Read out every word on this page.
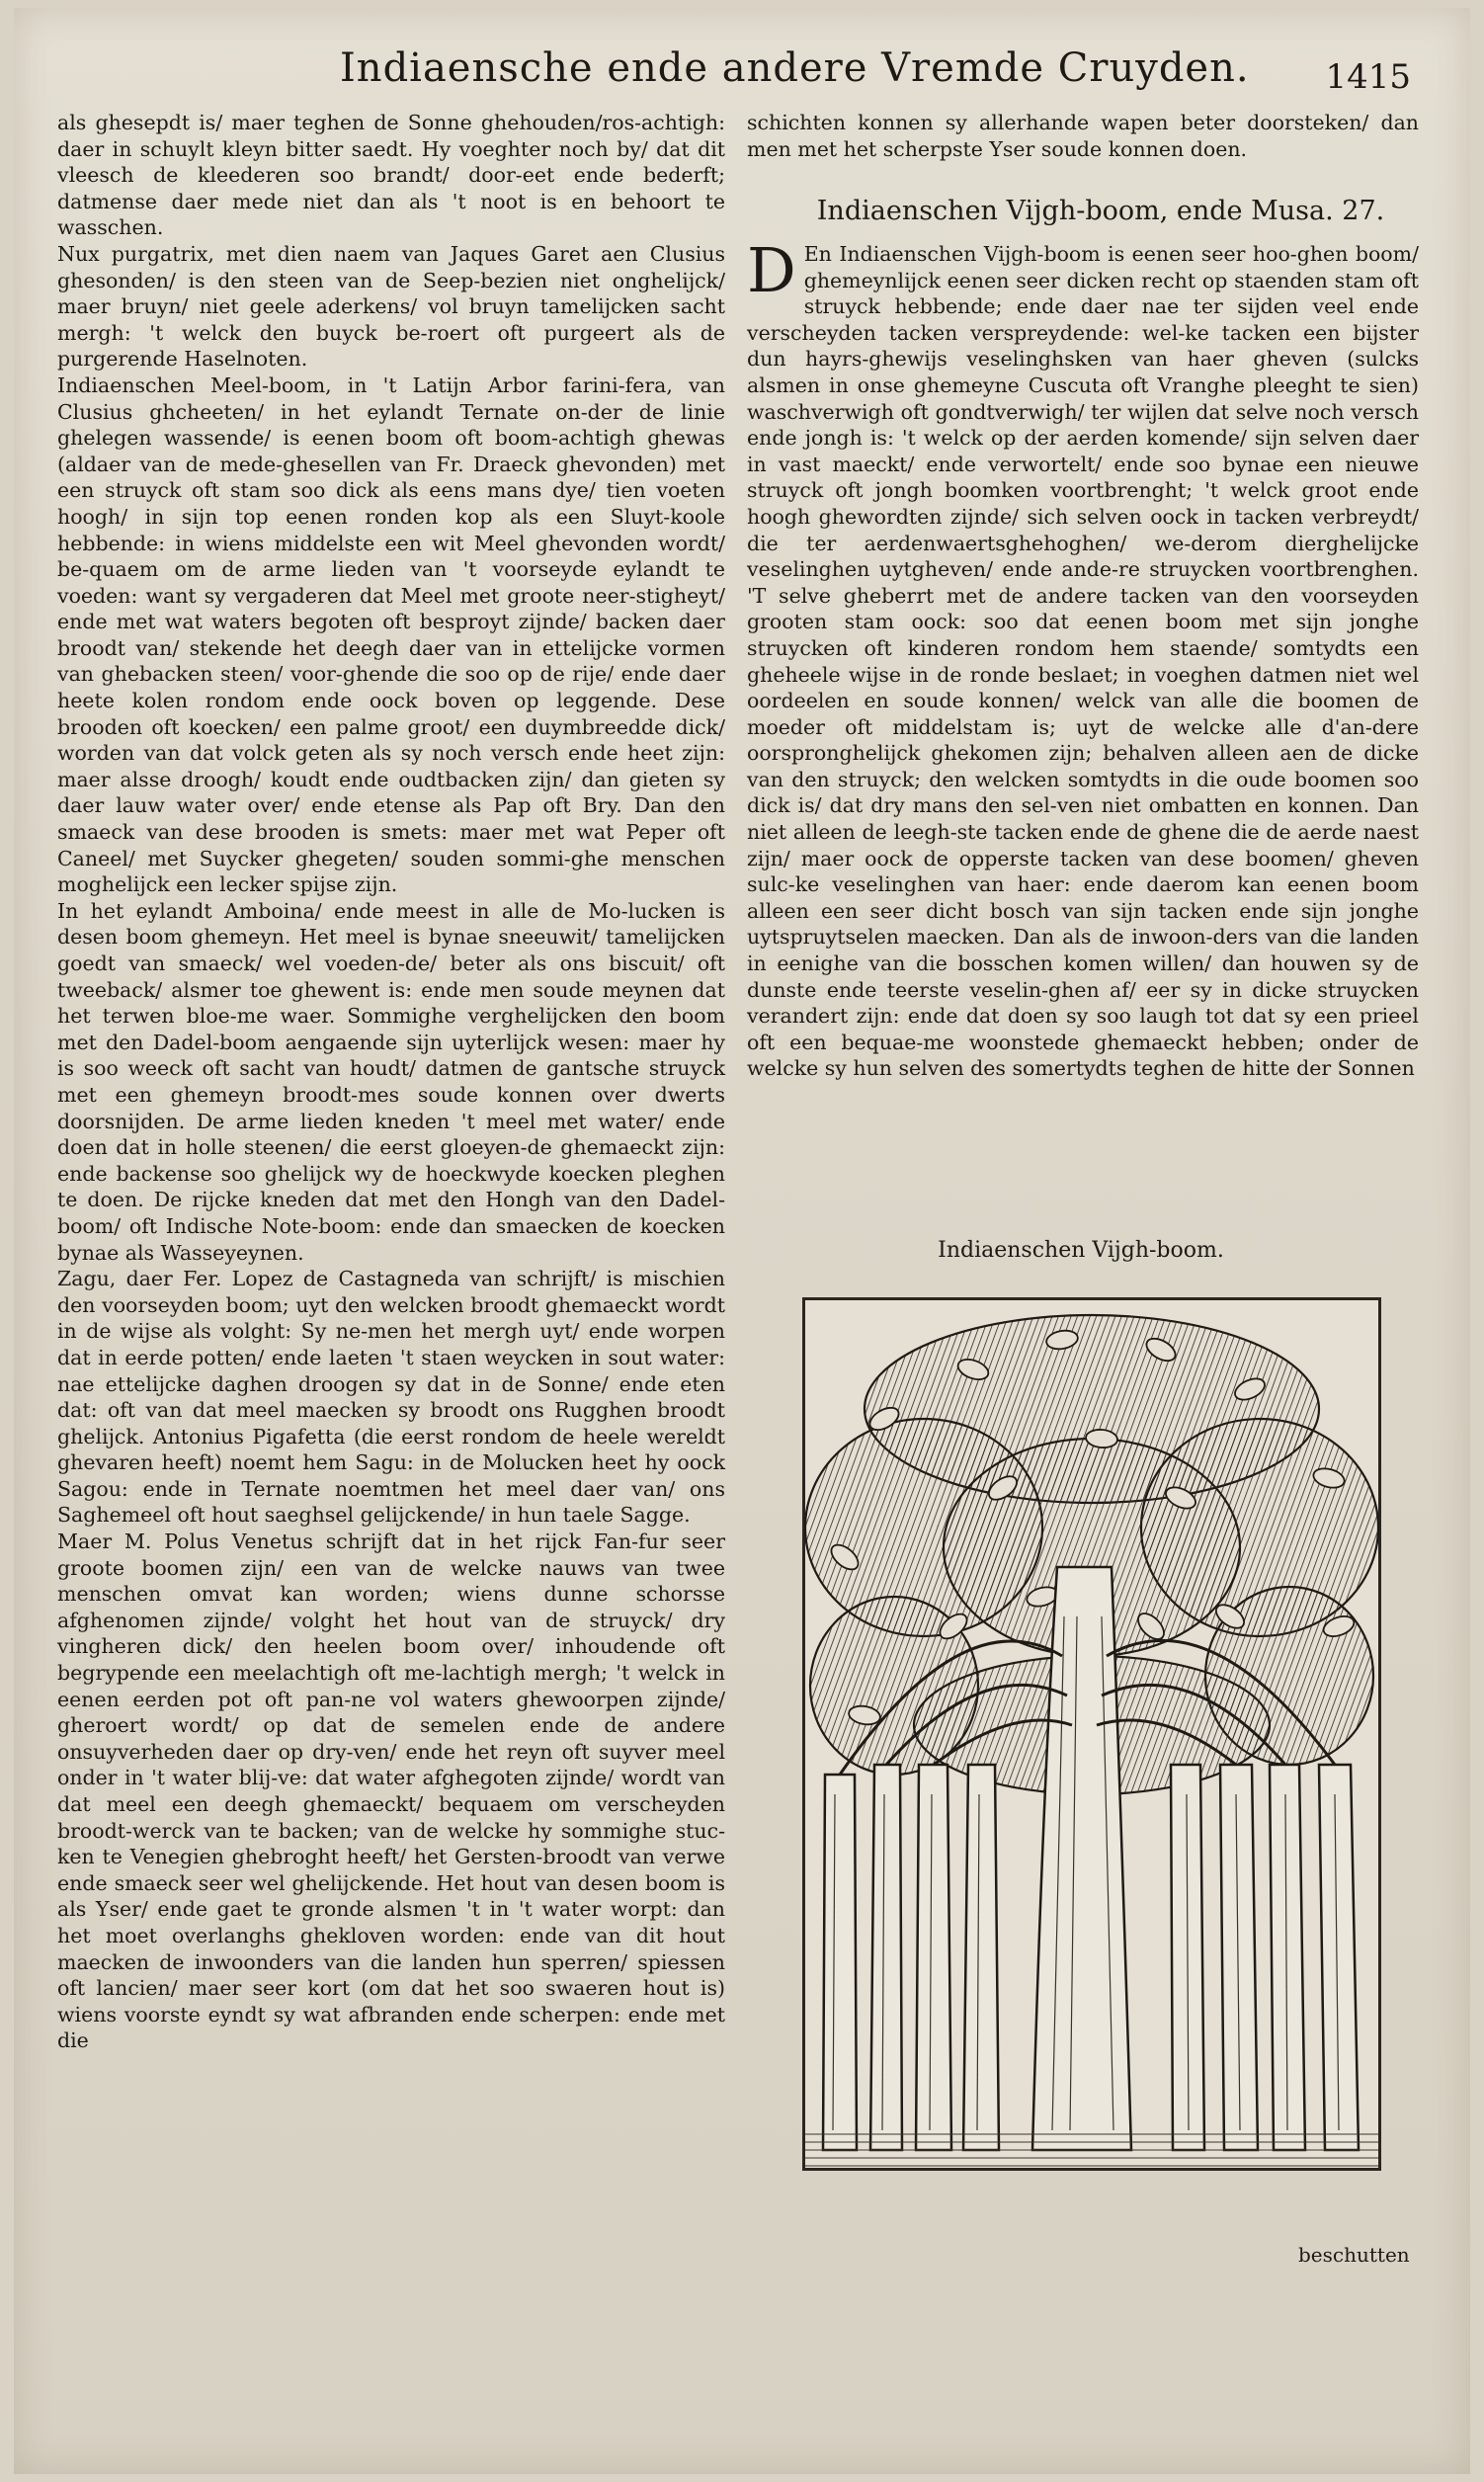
Indiaensche ende andere Vremde Cruyden. 1415

als ghesepdt is/ maer teghen de Sonne ghehouden/ros-achtigh: daer in schuylt kleyn bitter saedt. Hy voeghter noch by/ dat dit vleesch de kleederen soo brandt/ door-eet ende bederft; datmense daer mede niet dan als 't noot is en behoort te wasschen.

Nux purgatrix, met dien naem van Jaques Garet aen Clusius ghesonden/ is den steen van de Seep-bezien niet onghelijck/ maer bruyn/ niet geele aderkens/ vol bruyn tamelijcken sacht mergh: 't welck den buyck be-roert oft purgeert als de purgerende Haselnoten.

Indiaenschen Meel-boom, in 't Latijn Arbor farini-fera, van Clusius ghcheeten/ in het eylandt Ternate on-der de linie ghelegen wassende/ is eenen boom oft boom-achtigh ghewas (aldaer van de mede-ghesellen van Fr. Draeck ghevonden) met een struyck oft stam soo dick als eens mans dye/ tien voeten hoogh/ in sijn top eenen ronden kop als een Sluyt-koole hebbende: in wiens middelste een wit Meel ghevonden wordt/ be-quaem om de arme lieden van 't voorseyde eylandt te voeden: want sy vergaderen dat Meel met groote neer-stigheyt/ ende met wat waters begoten oft besproyt zijnde/ backen daer broodt van/ stekende het deegh daer van in ettelijcke vormen van ghebacken steen/ voor-ghende die soo op de rije/ ende daer heete kolen rondom ende oock boven op leggende. Dese brooden oft koecken/ een palme groot/ een duymbreedde dick/ worden van dat volck geten als sy noch versch ende heet zijn: maer alsse droogh/ koudt ende oudtbacken zijn/ dan gieten sy daer lauw water over/ ende etense als Pap oft Bry. Dan den smaeck van dese brooden is smets: maer met wat Peper oft Caneel/ met Suycker ghegeten/ souden sommi-ghe menschen moghelijck een lecker spijse zijn.

In het eylandt Amboina/ ende meest in alle de Mo-lucken is desen boom ghemeyn. Het meel is bynae sneeuwit/ tamelijcken goedt van smaeck/ wel voeden-de/ beter als ons biscuit/ oft tweeback/ alsmer toe ghewent is: ende men soude meynen dat het terwen bloe-me waer. Sommighe verghelijcken den boom met den Dadel-boom aengaende sijn uyterlijck wesen: maer hy is soo weeck oft sacht van houdt/ datmen de gantsche struyck met een ghemeyn broodt-mes soude konnen over dwerts doorsnijden. De arme lieden kneden 't meel met water/ ende doen dat in holle steenen/ die eerst gloeyen-de ghemaeckt zijn: ende backense soo ghelijck wy de hoeckwyde koecken pleghen te doen. De rijcke kneden dat met den Hongh van den Dadel-boom/ oft Indische Note-boom: ende dan smaecken de koecken bynae als Wasseyeynen.

Zagu, daer Fer. Lopez de Castagneda van schrijft/ is mischien den voorseyden boom; uyt den welcken broodt ghemaeckt wordt in de wijse als volght: Sy ne-men het mergh uyt/ ende worpen dat in eerde potten/ ende laeten 't staen weycken in sout water: nae ettelijcke daghen droogen sy dat in de Sonne/ ende eten dat: oft van dat meel maecken sy broodt ons Rugghen broodt ghelijck. Antonius Pigafetta (die eerst rondom de heele wereldt ghevaren heeft) noemt hem Sagu: in de Molucken heet hy oock Sagou: ende in Ternate noemtmen het meel daer van/ ons Saghemeel oft hout saeghsel gelijckende/ in hun taele Sagge.

Maer M. Polus Venetus schrijft dat in het rijck Fan-fur seer groote boomen zijn/ een van de welcke nauws van twee menschen omvat kan worden; wiens dunne schorsse afghenomen zijnde/ volght het hout van de struyck/ dry vingheren dick/ den heelen boom over/ inhoudende oft begrypende een meelachtigh oft me-lachtigh mergh; 't welck in eenen eerden pot oft pan-ne vol waters ghewoorpen zijnde/ gheroert wordt/ op dat de semelen ende de andere onsuyverheden daer op dry-ven/ ende het reyn oft suyver meel onder in 't water blij-ve: dat water afghegoten zijnde/ wordt van dat meel een deegh ghemaeckt/ bequaem om verscheyden broodt-werck van te backen; van de welcke hy sommighe stuc-ken te Venegien ghebroght heeft/ het Gersten-broodt van verwe ende smaeck seer wel ghelijckende. Het hout van desen boom is als Yser/ ende gaet te gronde alsmen 't in 't water worpt: dan het moet overlanghs ghekloven worden: ende van dit hout maecken de inwoonders van die landen hun sperren/ spiessen oft lancien/ maer seer kort (om dat het soo swaeren hout is) wiens voorste eyndt sy wat afbranden ende scherpen: ende met die

schichten konnen sy allerhande wapen beter doorsteken/ dan men met het scherpste Yser soude konnen doen.

Indiaenschen Vijgh-boom, ende Musa. 27.

D En Indiaenschen Vijgh-boom is eenen seer hoo-ghen boom/ ghemeynlijck eenen seer dicken recht op staenden stam oft struyck hebbende; ende daer nae ter sijden veel ende verscheyden tacken verspreydende: wel-ke tacken een bijster dun hayrs-ghewijs veselinghsken van haer gheven (sulcks alsmen in onse ghemeyne Cuscuta oft Vranghe pleeght te sien) waschverwigh oft gondtverwigh/ ter wijlen dat selve noch versch ende jongh is: 't welck op der aerden komende/ sijn selven daer in vast maeckt/ ende verwortelt/ ende soo bynae een nieuwe struyck oft jongh boomken voortbrenght; 't welck groot ende hoogh ghewordten zijnde/ sich selven oock in tacken verbreydt/ die ter aerdenwaertsghehoghen/ we-derom dierghelijcke veselinghen uytgheven/ ende ande-re struycken voortbrenghen. 'T selve gheberrt met de andere tacken van den voorseyden grooten stam oock: soo dat eenen boom met sijn jonghe struycken oft kinderen rondom hem staende/ somtydts een gheheele wijse in de ronde beslaet; in voeghen datmen niet wel oordeelen en soude konnen/ welck van alle die boomen de moeder oft middelstam is; uyt de welcke alle d'an-dere oorspronghelijck ghekomen zijn; behalven alleen aen de dicke van den struyck; den welcken somtydts in die oude boomen soo dick is/ dat dry mans den sel-ven niet ombatten en konnen. Dan niet alleen de leegh-ste tacken ende de ghene die de aerde naest zijn/ maer oock de opperste tacken van dese boomen/ gheven sulc-ke veselinghen van haer: ende daerom kan eenen boom alleen een seer dicht bosch van sijn tacken ende sijn jonghe uytspruytselen maecken. Dan als de inwoon-ders van die landen in eenighe van die bosschen komen willen/ dan houwen sy de dunste ende teerste veselin-ghen af/ eer sy in dicke struycken verandert zijn: ende dat doen sy soo laugh tot dat sy een prieel oft een bequae-me woonstede ghemaeckt hebben; onder de welcke sy hun selven des somertydts teghen de hitte der Sonnen

Indiaenschen Vijgh-boom.
beschutten
